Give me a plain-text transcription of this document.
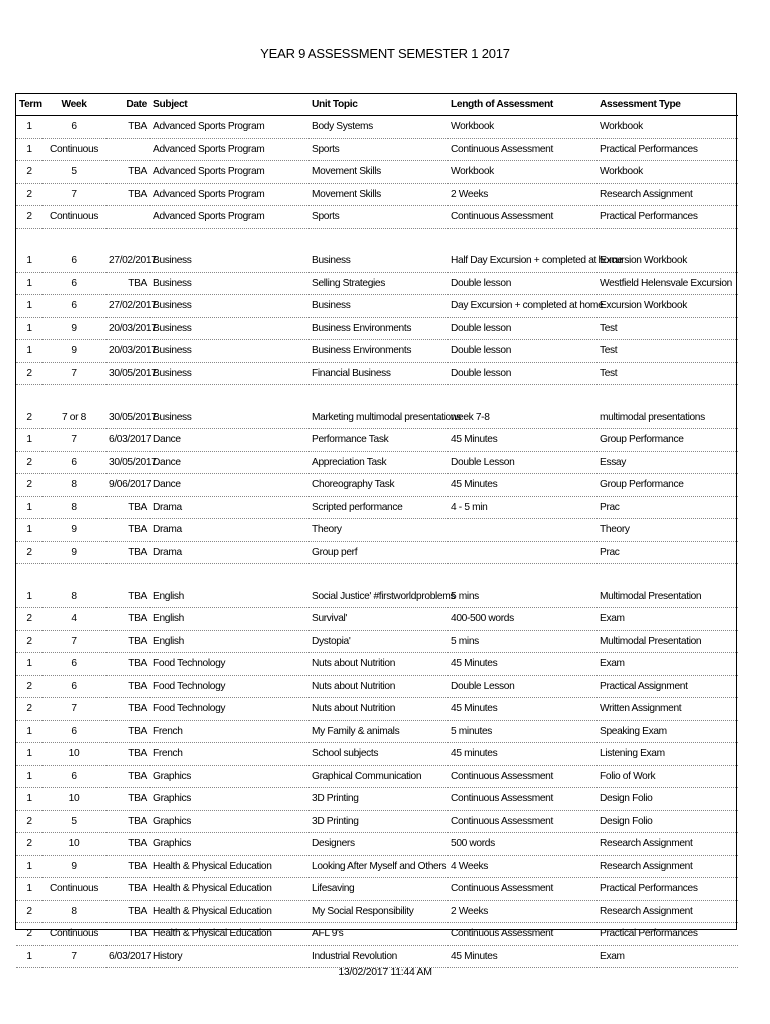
YEAR 9 ASSESSMENT SEMESTER 1 2017
Term	Week	Date	Subject	Unit Topic	Length of Assessment	Assessment Type
1	6	TBA	Advanced Sports Program	Body Systems	Workbook	Workbook
1	Continuous		Advanced Sports Program	Sports	Continuous Assessment	Practical Performances
2	5	TBA	Advanced Sports Program	Movement Skills	Workbook	Workbook
2	7	TBA	Advanced Sports Program	Movement Skills	2 Weeks	Research Assignment
2	Continuous		Advanced Sports Program	Sports	Continuous Assessment	Practical Performances

1	6	27/02/2017	Business	Business	Half Day Excursion + completed at home	Excursion Workbook
1	6	TBA	Business	Selling Strategies	Double lesson	Westfield Helensvale Excursion
1	6	27/02/2017	Business	Business	Day Excursion + completed at home	Excursion Workbook
1	9	20/03/2017	Business	Business Environments	Double lesson	Test
1	9	20/03/2017	Business	Business Environments	Double lesson	Test
2	7	30/05/2017	Business	Financial Business	Double lesson	Test

2	7 or 8	30/05/2017	Business	Marketing multimodal presentations	week 7-8	multimodal presentations
1	7	6/03/2017	Dance	Performance Task	45 Minutes	Group Performance
2	6	30/05/2017	Dance	Appreciation Task	Double Lesson	Essay
2	8	9/06/2017	Dance	Choreography Task	45 Minutes	Group Performance
1	8	TBA	Drama	Scripted performance	4 - 5 min	Prac
1	9	TBA	Drama	Theory		Theory
2	9	TBA	Drama	Group perf		Prac

1	8	TBA	English	Social Justice' #firstworldproblems	5 mins	Multimodal Presentation
2	4	TBA	English	Survival'	400-500 words	Exam
2	7	TBA	English	Dystopia'	5 mins	Multimodal Presentation
1	6	TBA	Food Technology	Nuts about Nutrition	45 Minutes	Exam
2	6	TBA	Food Technology	Nuts about Nutrition	Double Lesson	Practical Assignment
2	7	TBA	Food Technology	Nuts about Nutrition	45 Minutes	Written Assignment
1	6	TBA	French	My Family & animals	5 minutes	Speaking Exam
1	10	TBA	French	School subjects	45 minutes	Listening Exam
1	6	TBA	Graphics	Graphical Communication	Continuous Assessment	Folio of Work
1	10	TBA	Graphics	3D Printing	Continuous Assessment	Design Folio
2	5	TBA	Graphics	3D Printing	Continuous Assessment	Design Folio
2	10	TBA	Graphics	Designers	500 words	Research Assignment
1	9	TBA	Health & Physical Education	Looking After Myself and Others	4 Weeks	Research Assignment
1	Continuous	TBA	Health & Physical Education	Lifesaving	Continuous Assessment	Practical Performances
2	8	TBA	Health & Physical Education	My Social Responsibility	2 Weeks	Research Assignment
2	Continuous	TBA	Health & Physical Education	AFL 9's	Continuous Assessment	Practical Performances
1	7	6/03/2017	History	Industrial Revolution	45 Minutes	Exam
13/02/2017 11:44 AM
